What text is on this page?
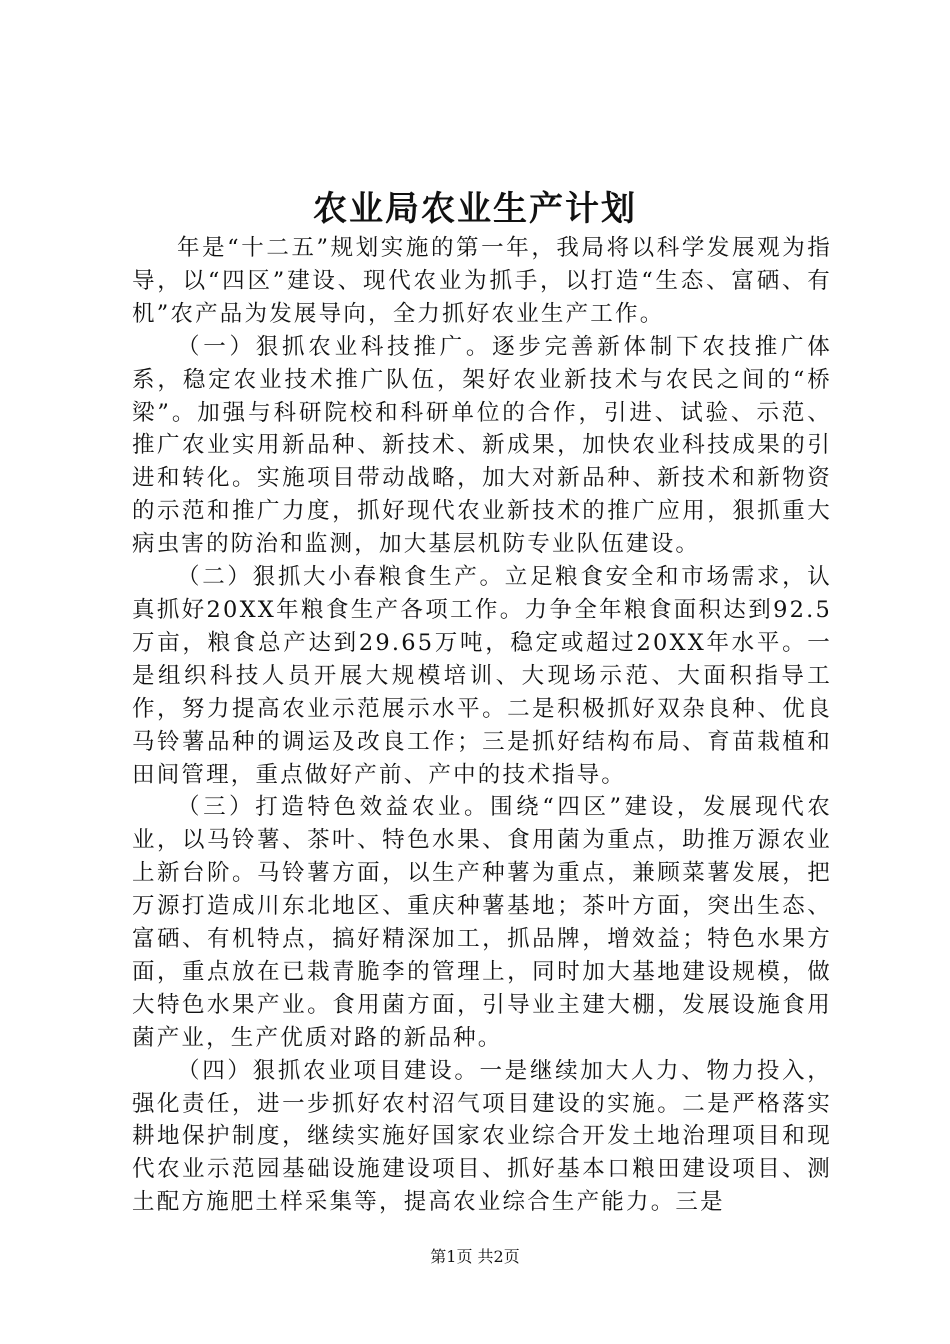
农业局农业生产计划

年是“十二五”规划实施的第一年，我局将以科学发展观为指导，以“四区”建设、现代农业为抓手，以打造“生态、富硒、有机”农产品为发展导向，全力抓好农业生产工作。

（一）狠抓农业科技推广。逐步完善新体制下农技推广体系，稳定农业技术推广队伍，架好农业新技术与农民之间的“桥梁”。加强与科研院校和科研单位的合作，引进、试验、示范、推广农业实用新品种、新技术、新成果，加快农业科技成果的引进和转化。实施项目带动战略，加大对新品种、新技术和新物资的示范和推广力度，抓好现代农业新技术的推广应用，狠抓重大病虫害的防治和监测，加大基层机防专业队伍建设。

（二）狠抓大小春粮食生产。立足粮食安全和市场需求，认真抓好20XX年粮食生产各项工作。力争全年粮食面积达到92.5万亩，粮食总产达到29.65万吨，稳定或超过20XX年水平。一是组织科技人员开展大规模培训、大现场示范、大面积指导工作，努力提高农业示范展示水平。二是积极抓好双杂良种、优良马铃薯品种的调运及改良工作；三是抓好结构布局、育苗栽植和田间管理，重点做好产前、产中的技术指导。

（三）打造特色效益农业。围绕“四区”建设，发展现代农业，以马铃薯、茶叶、特色水果、食用菌为重点，助推万源农业上新台阶。马铃薯方面，以生产种薯为重点，兼顾菜薯发展，把万源打造成川东北地区、重庆种薯基地；茶叶方面，突出生态、富硒、有机特点，搞好精深加工，抓品牌，增效益；特色水果方面，重点放在已栽青脆李的管理上，同时加大基地建设规模，做大特色水果产业。食用菌方面，引导业主建大棚，发展设施食用菌产业，生产优质对路的新品种。

（四）狠抓农业项目建设。一是继续加大人力、物力投入，强化责任，进一步抓好农村沼气项目建设的实施。二是严格落实耕地保护制度，继续实施好国家农业综合开发土地治理项目和现代农业示范园基础设施建设项目、抓好基本口粮田建设项目、测土配方施肥土样采集等，提高农业综合生产能力。三是

第1页 共2页
